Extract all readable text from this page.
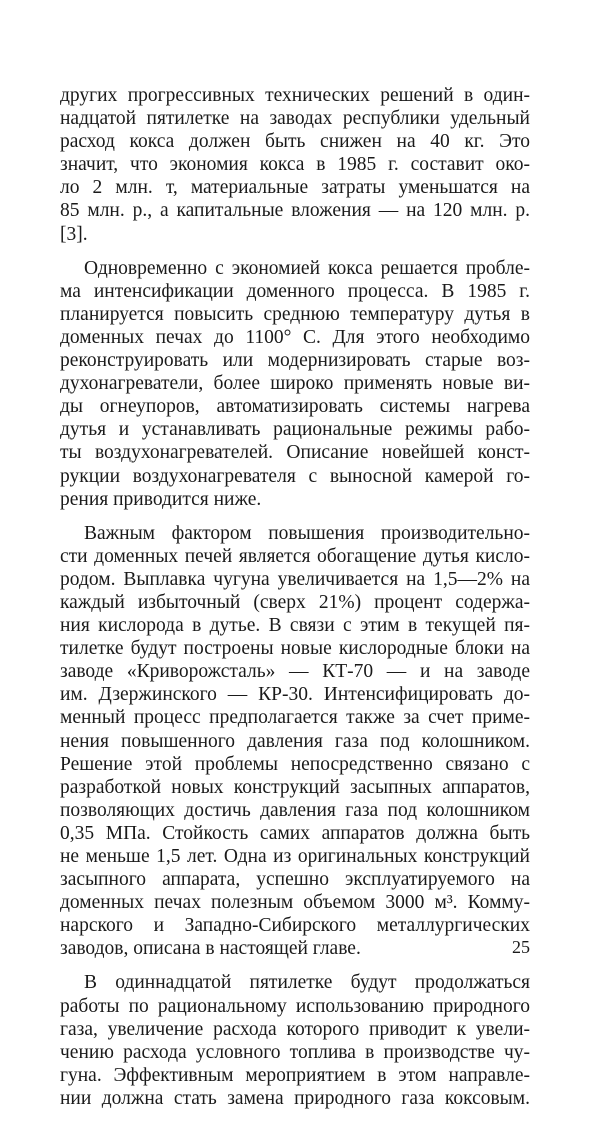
других прогрессивных технических решений в один-
надцатой пятилетке на заводах республики удельный
расход кокса должен быть снижен на 40 кг. Это
значит, что экономия кокса в 1985 г. составит око-
ло 2 млн. т, материальные затраты уменьшатся на
85 млн. р., а капитальные вложения — на 120 млн. р.
[3].
Одновременно с экономией кокса решается пробле-
ма интенсификации доменного процесса. В 1985 г.
планируется повысить среднюю температуру дутья в
доменных печах до 1100° С. Для этого необходимо
реконструировать или модернизировать старые воз-
духонагреватели, более широко применять новые ви-
ды огнеупоров, автоматизировать системы нагрева
дутья и устанавливать рациональные режимы рабо-
ты воздухонагревателей. Описание новейшей конст-
рукции воздухонагревателя с выносной камерой го-
рения приводится ниже.
Важным фактором повышения производительно-
сти доменных печей является обогащение дутья кисло-
родом. Выплавка чугуна увеличивается на 1,5—2% на
каждый избыточный (сверх 21%) процент содержа-
ния кислорода в дутье. В связи с этим в текущей пя-
тилетке будут построены новые кислородные блоки на
заводе «Криворожсталь» — КТ-70 — и на заводе
им. Дзержинского — КР-30. Интенсифицировать до-
менный процесс предполагается также за счет приме-
нения повышенного давления газа под колошником.
Решение этой проблемы непосредственно связано с
разработкой новых конструкций засыпных аппаратов,
позволяющих достичь давления газа под колошником
0,35 МПа. Стойкость самих аппаратов должна быть
не меньше 1,5 лет. Одна из оригинальных конструкций
засыпного аппарата, успешно эксплуатируемого на
доменных печах полезным объемом 3000 м³. Комму-
нарского и Западно-Сибирского металлургических
заводов, описана в настоящей главе.
В одиннадцатой пятилетке будут продолжаться
работы по рациональному использованию природного
газа, увеличение расхода которого приводит к увели-
чению расхода условного топлива в производстве чу-
гуна. Эффективным мероприятием в этом направле-
нии должна стать замена природного газа коксовым.
25
